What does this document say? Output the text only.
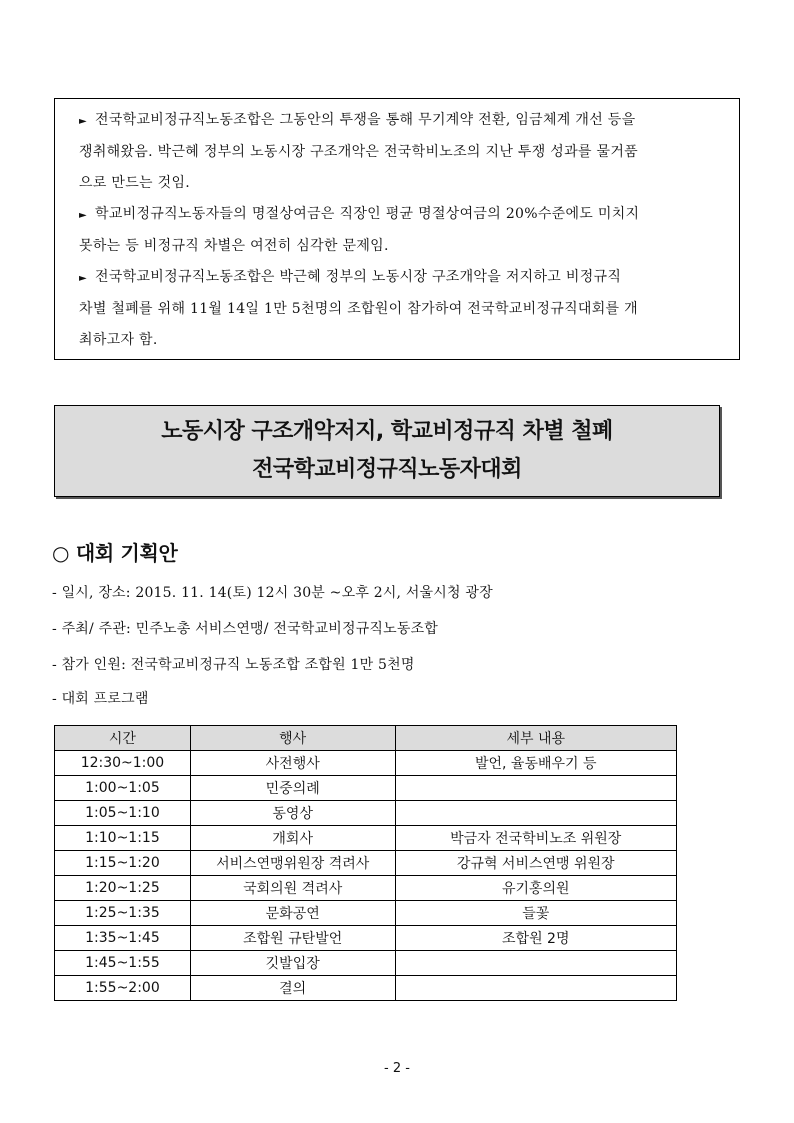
► 전국학교비정규직노동조합은 그동안의 투쟁을 통해 무기계약 전환, 임금체계 개선 등을

쟁취해왔음. 박근혜 정부의 노동시장 구조개악은 전국학비노조의 지난 투쟁 성과를 물거품

으로 만드는 것임.

► 학교비정규직노동자들의 명절상여금은 직장인 평균 명절상여금의 20%수준에도 미치지

못하는 등 비정규직 차별은 여전히 심각한 문제임.

► 전국학교비정규직노동조합은 박근혜 정부의 노동시장 구조개악을 저지하고 비정규직

차별 철폐를 위해 11월 14일 1만 5천명의 조합원이 참가하여 전국학교비정규직대회를 개

최하고자 함.

노동시장 구조개악저지, 학교비정규직 차별 철폐
전국학교비정규직노동자대회
○ 대회 기획안
- 일시, 장소: 2015. 11. 14(토) 12시 30분 ~오후 2시, 서울시청 광장
- 주최/ 주관: 민주노총 서비스연맹/ 전국학교비정규직노동조합
- 참가 인원: 전국학교비정규직 노동조합 조합원 1만 5천명
- 대회 프로그램
시간	행사	세부 내용
12:30~1:00	사전행사	발언, 율동배우기 등
1:00~1:05	민중의례	
1:05~1:10	동영상	
1:10~1:15	개회사	박금자 전국학비노조 위원장
1:15~1:20	서비스연맹위원장 격려사	강규혁 서비스연맹 위원장
1:20~1:25	국회의원 격려사	유기홍의원
1:25~1:35	문화공연	들꽃
1:35~1:45	조합원 규탄발언	조합원 2명
1:45~1:55	깃발입장	
1:55~2:00	결의	
- 2 -
